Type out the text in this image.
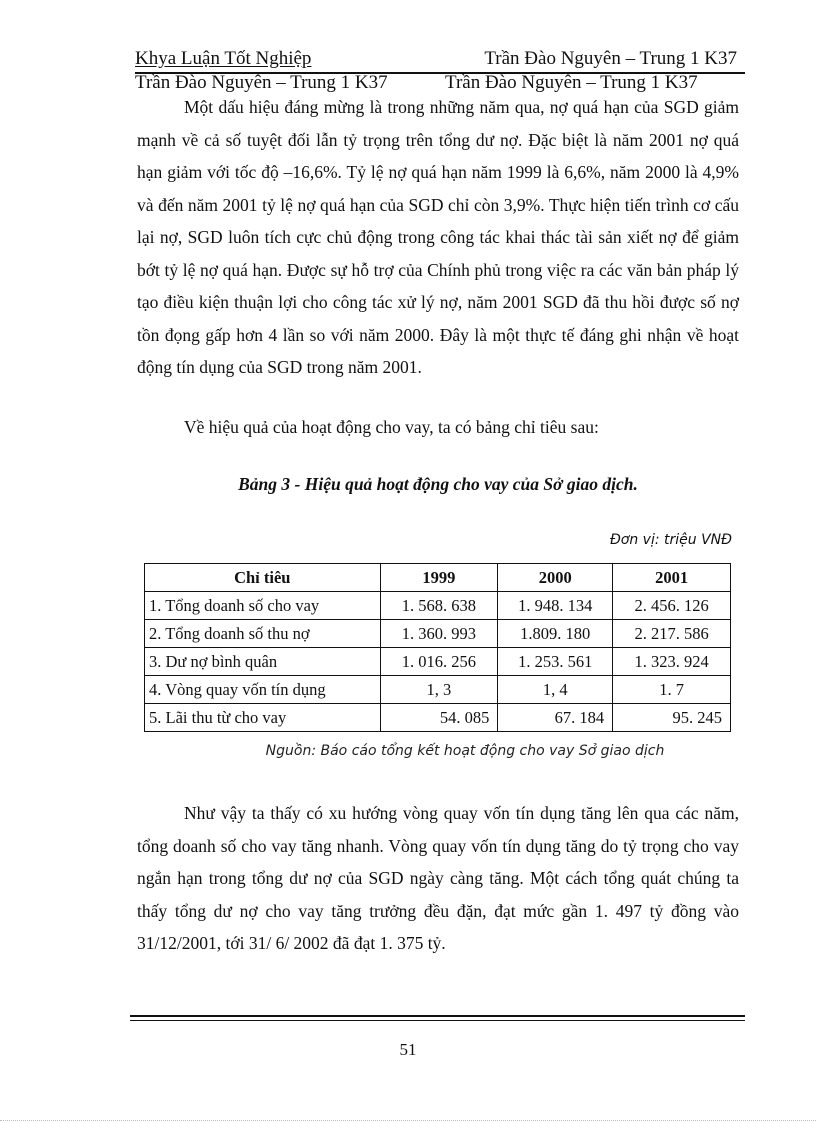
Khya Luận Tốt Nghiệp	Trần Đào Nguyên – Trung 1 K37
Trần Đào Nguyên – Trung 1 K37	Trần Đào Nguyên – Trung 1 K37

Một dấu hiệu đáng mừng là trong những năm qua, nợ quá hạn của SGD giảm mạnh về cả số tuyệt đối lẫn tỷ trọng trên tổng dư nợ. Đặc biệt là năm 2001 nợ quá hạn giảm với tốc độ –16,6%. Tỷ lệ nợ quá hạn năm 1999 là 6,6%, năm 2000 là 4,9% và đến năm 2001 tỷ lệ nợ quá hạn của SGD chỉ còn 3,9%. Thực hiện tiến trình cơ cấu lại nợ, SGD luôn tích cực chủ động trong công tác khai thác tài sản xiết nợ để giảm bớt tỷ lệ nợ quá hạn. Được sự hỗ trợ của Chính phủ trong việc ra các văn bản pháp lý tạo điều kiện thuận lợi cho công tác xử lý nợ, năm 2001 SGD đã thu hồi được số nợ tồn đọng gấp hơn 4 lần so với năm 2000. Đây là một thực tế đáng ghi nhận về hoạt động tín dụng của SGD trong năm 2001.

Về hiệu quả của hoạt động cho vay, ta có bảng chỉ tiêu sau:

Bảng 3 - Hiệu quả hoạt động cho vay của Sở giao dịch.
Đơn vị: triệu VNĐ
Chỉ tiêu	1999	2000	2001
1. Tổng doanh số cho vay	1. 568. 638	1. 948. 134	2. 456. 126
2. Tổng doanh số thu nợ	1. 360. 993	1.809. 180	2. 217. 586
3. Dư nợ bình quân	1. 016. 256	1. 253. 561	1. 323. 924
4. Vòng quay vốn tín dụng	1, 3	1, 4	1. 7
5. Lãi thu từ cho vay	54. 085	67. 184	95. 245
Nguồn: Báo cáo tổng kết hoạt động cho vay Sở giao dịch

Như vậy ta thấy có xu hướng vòng quay vốn tín dụng tăng lên qua các năm, tổng doanh số cho vay tăng nhanh. Vòng quay vốn tín dụng tăng do tỷ trọng cho vay ngắn hạn trong tổng dư nợ của SGD ngày càng tăng. Một cách tổng quát chúng ta thấy tổng dư nợ cho vay tăng trưởng đều đặn, đạt mức gần 1. 497 tỷ đồng vào 31/12/2001, tới 31/ 6/ 2002 đã đạt 1. 375 tỷ.

51
